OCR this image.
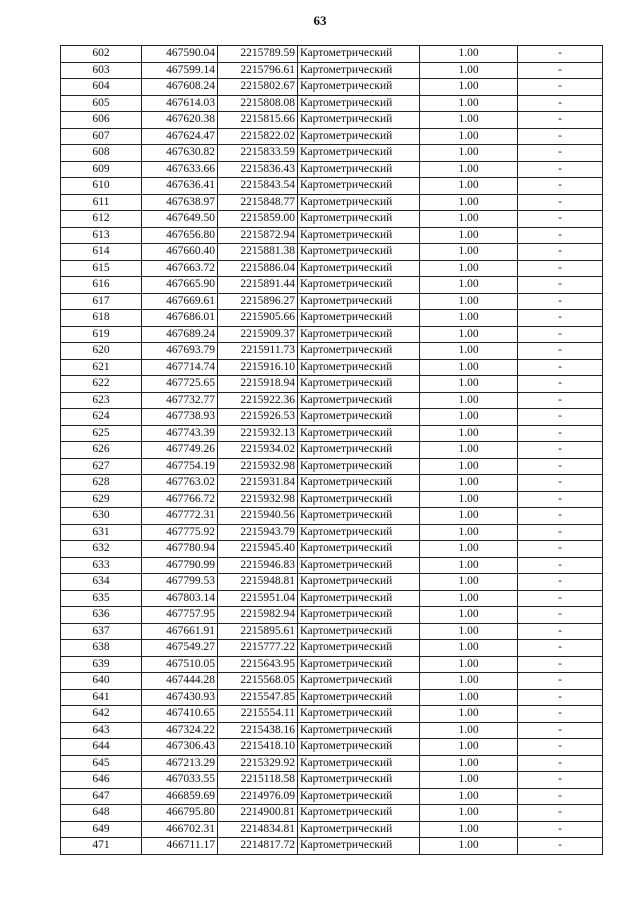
63
602	467590.04	2215789.59	Картометрический	1.00	-
603	467599.14	2215796.61	Картометрический	1.00	-
604	467608.24	2215802.67	Картометрический	1.00	-
605	467614.03	2215808.08	Картометрический	1.00	-
606	467620.38	2215815.66	Картометрический	1.00	-
607	467624.47	2215822.02	Картометрический	1.00	-
608	467630.82	2215833.59	Картометрический	1.00	-
609	467633.66	2215836.43	Картометрический	1.00	-
610	467636.41	2215843.54	Картометрический	1.00	-
611	467638.97	2215848.77	Картометрический	1.00	-
612	467649.50	2215859.00	Картометрический	1.00	-
613	467656.80	2215872.94	Картометрический	1.00	-
614	467660.40	2215881.38	Картометрический	1.00	-
615	467663.72	2215886.04	Картометрический	1.00	-
616	467665.90	2215891.44	Картометрический	1.00	-
617	467669.61	2215896.27	Картометрический	1.00	-
618	467686.01	2215905.66	Картометрический	1.00	-
619	467689.24	2215909.37	Картометрический	1.00	-
620	467693.79	2215911.73	Картометрический	1.00	-
621	467714.74	2215916.10	Картометрический	1.00	-
622	467725.65	2215918.94	Картометрический	1.00	-
623	467732.77	2215922.36	Картометрический	1.00	-
624	467738.93	2215926.53	Картометрический	1.00	-
625	467743.39	2215932.13	Картометрический	1.00	-
626	467749.26	2215934.02	Картометрический	1.00	-
627	467754.19	2215932.98	Картометрический	1.00	-
628	467763.02	2215931.84	Картометрический	1.00	-
629	467766.72	2215932.98	Картометрический	1.00	-
630	467772.31	2215940.56	Картометрический	1.00	-
631	467775.92	2215943.79	Картометрический	1.00	-
632	467780.94	2215945.40	Картометрический	1.00	-
633	467790.99	2215946.83	Картометрический	1.00	-
634	467799.53	2215948.81	Картометрический	1.00	-
635	467803.14	2215951.04	Картометрический	1.00	-
636	467757.95	2215982.94	Картометрический	1.00	-
637	467661.91	2215895.61	Картометрический	1.00	-
638	467549.27	2215777.22	Картометрический	1.00	-
639	467510.05	2215643.95	Картометрический	1.00	-
640	467444.28	2215568.05	Картометрический	1.00	-
641	467430.93	2215547.85	Картометрический	1.00	-
642	467410.65	2215554.11	Картометрический	1.00	-
643	467324.22	2215438.16	Картометрический	1.00	-
644	467306.43	2215418.10	Картометрический	1.00	-
645	467213.29	2215329.92	Картометрический	1.00	-
646	467033.55	2215118.58	Картометрический	1.00	-
647	466859.69	2214976.09	Картометрический	1.00	-
648	466795.80	2214900.81	Картометрический	1.00	-
649	466702.31	2214834.81	Картометрический	1.00	-
471	466711.17	2214817.72	Картометрический	1.00	-
